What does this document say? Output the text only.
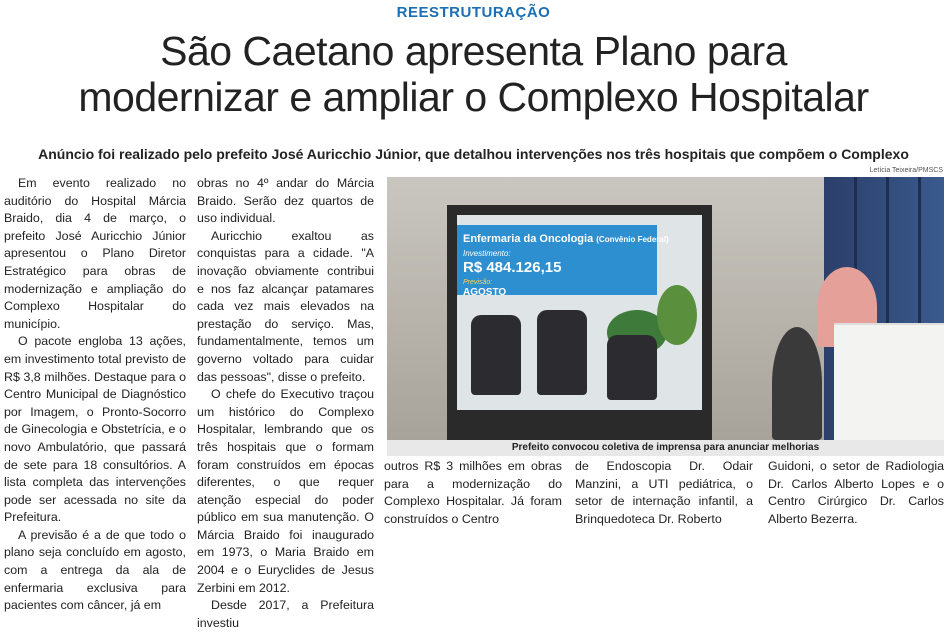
REESTRUTURAÇÃO
São Caetano apresenta Plano para
modernizar e ampliar o Complexo Hospitalar
Anúncio foi realizado pelo prefeito José Auricchio Júnior, que detalhou intervenções nos três hospitais que compõem o Complexo

Em evento realizado no auditório do Hospital Márcia Braido, dia 4 de março, o prefeito José Auricchio Júnior apresentou o Plano Diretor Estratégico para obras de modernização e ampliação do Complexo Hospitalar do município.

O pacote engloba 13 ações, em investimento total previsto de R$ 3,8 milhões. Destaque para o Centro Municipal de Diagnóstico por Imagem, o Pronto-Socorro de Ginecologia e Obstetrícia, e o novo Ambulatório, que passará de sete para 18 consultórios. A lista completa das intervenções pode ser acessada no site da Prefeitura.

A previsão é a de que todo o plano seja concluído em agosto, com a entrega da ala de enfermaria exclusiva para pacientes com câncer, já em

obras no 4º andar do Márcia Braido. Serão dez quartos de uso individual.

Auricchio exaltou as conquistas para a cidade. "A inovação obviamente contribui e nos faz alcançar patamares cada vez mais elevados na prestação do serviço. Mas, fundamentalmente, temos um governo voltado para cuidar das pessoas", disse o prefeito.

O chefe do Executivo traçou um histórico do Complexo Hospitalar, lembrando que os três hospitais que o formam foram construídos em épocas diferentes, o que requer atenção especial do poder público em sua manutenção. O Márcia Braido foi inaugurado em 1973, o Maria Braido em 2004 e o Euryclides de Jesus Zerbini em 2012.

Desde 2017, a Prefeitura investiu

Letícia Teixeira/PMSCS
Enfermaria da Oncologia (Convênio Federal)
Investimento:
R$ 484.126,15
Previsão:
AGOSTO
Prefeito convocou coletiva de imprensa para anunciar melhorias

outros R$ 3 milhões em obras para a modernização do Complexo Hospitalar. Já foram construídos o Centro

de Endoscopia Dr. Odair Manzini, a UTI pediátrica, o setor de internação infantil, a Brinquedoteca Dr. Roberto

Guidoni, o setor de Radiologia Dr. Carlos Alberto Lopes e o Centro Cirúrgico Dr. Carlos Alberto Bezerra.
